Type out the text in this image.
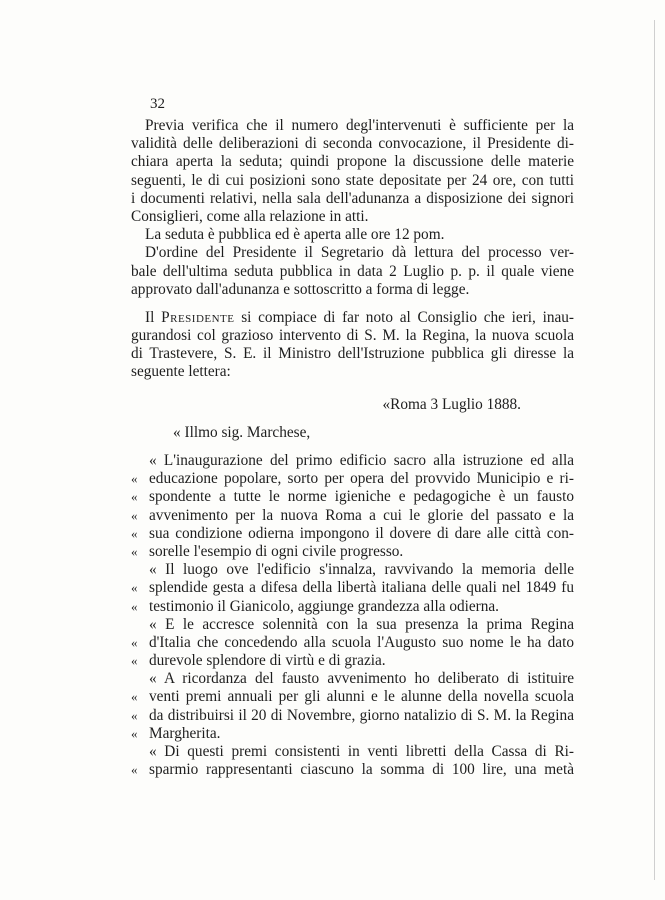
32
Previa verifica che il numero degl'intervenuti è sufficiente per la
validità delle deliberazioni di seconda convocazione, il Presidente di-
chiara aperta la seduta; quindi propone la discussione delle materie
seguenti, le di cui posizioni sono state depositate per 24 ore, con tutti
i documenti relativi, nella sala dell'adunanza a disposizione dei signori
Consiglieri, come alla relazione in atti.
La seduta è pubblica ed è aperta alle ore 12 pom.
D'ordine del Presidente il Segretario dà lettura del processo ver-
bale dell'ultima seduta pubblica in data 2 Luglio p. p. il quale viene
approvato dall'adunanza e sottoscritto a forma di legge.
Il Presidente si compiace di far noto al Consiglio che ieri, inau-
gurandosi col grazioso intervento di S. M. la Regina, la nuova scuola
di Trastevere, S. E. il Ministro dell'Istruzione pubblica gli diresse la
seguente lettera:
«Roma 3 Luglio 1888.
« Illmo sig. Marchese,
« L'inaugurazione del primo edificio sacro alla istruzione ed alla
« educazione popolare, sorto per opera del provvido Municipio e ri-
« spondente a tutte le norme igieniche e pedagogiche è un fausto
« avvenimento per la nuova Roma a cui le glorie del passato e la
« sua condizione odierna impongono il dovere di dare alle città con-
« sorelle l'esempio di ogni civile progresso.
« Il luogo ove l'edificio s'innalza, ravvivando la memoria delle
« splendide gesta a difesa della libertà italiana delle quali nel 1849 fu
« testimonio il Gianicolo, aggiunge grandezza alla odierna.
« E le accresce solennità con la sua presenza la prima Regina
« d'Italia che concedendo alla scuola l'Augusto suo nome le ha dato
« durevole splendore di virtù e di grazia.
« A ricordanza del fausto avvenimento ho deliberato di istituire
« venti premi annuali per gli alunni e le alunne della novella scuola
« da distribuirsi il 20 di Novembre, giorno natalizio di S. M. la Regina
« Margherita.
« Di questi premi consistenti in venti libretti della Cassa di Ri-
« sparmio rappresentanti ciascuno la somma di 100 lire, una metà
